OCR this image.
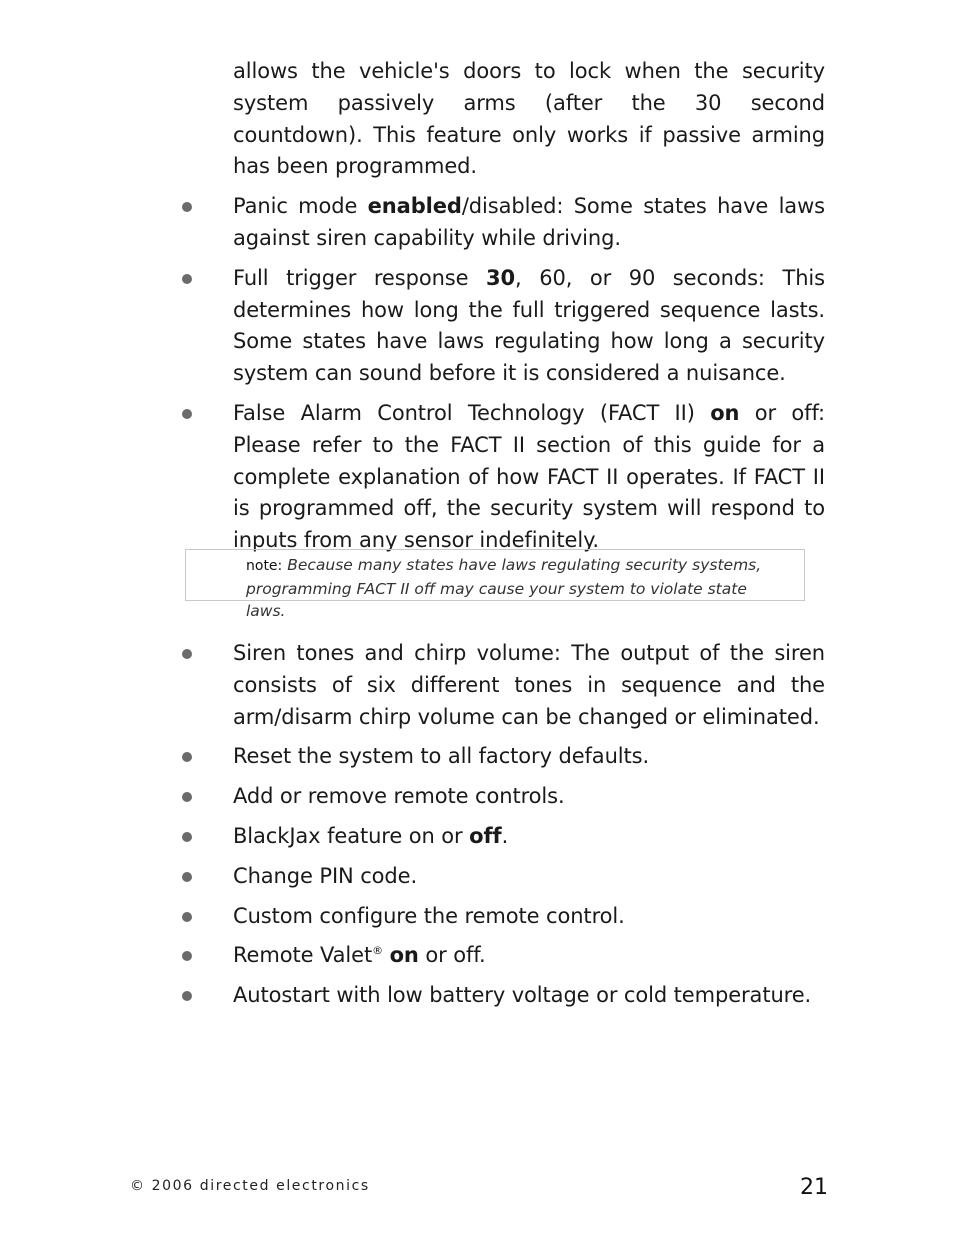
allows the vehicle's doors to lock when the security system passively arms (after the 30 second countdown). This feature only works if passive arming has been programmed.
Panic mode enabled/disabled: Some states have laws against siren capability while driving.
Full trigger response 30, 60, or 90 seconds: This determines how long the full triggered sequence lasts. Some states have laws regulating how long a security system can sound before it is considered a nuisance.
False Alarm Control Technology (FACT II) on or off: Please refer to the FACT II section of this guide for a complete explanation of how FACT II operates. If FACT II is programmed off, the security system will respond to inputs from any sensor indefinitely.
note: Because many states have laws regulating security systems, programming FACT II off may cause your system to violate state laws.
Siren tones and chirp volume: The output of the siren consists of six different tones in sequence and the arm/disarm chirp volume can be changed or eliminated.
Reset the system to all factory defaults.
Add or remove remote controls.
BlackJax feature on or off.
Change PIN code.
Custom configure the remote control.
Remote Valet® on or off.
Autostart with low battery voltage or cold temperature.
© 2006 directed electronics	21
